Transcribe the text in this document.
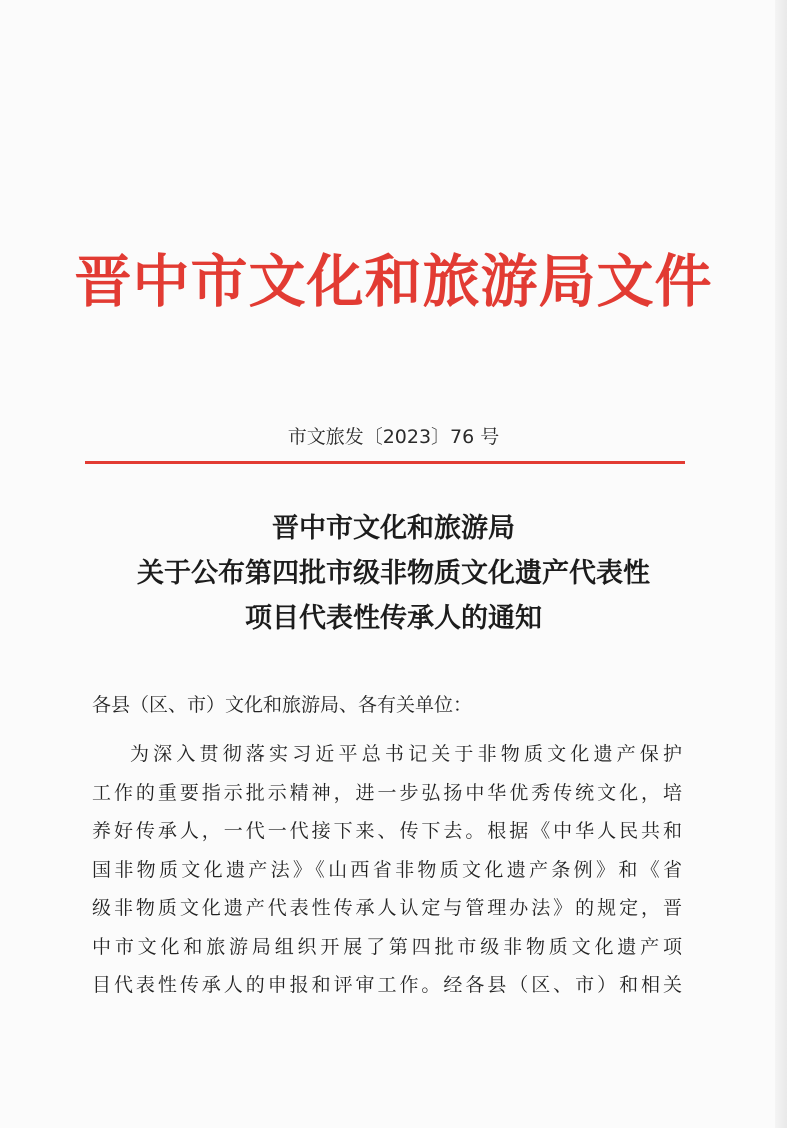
晋中市文化和旅游局文件
市文旅发〔2023〕76 号
晋中市文化和旅游局
关于公布第四批市级非物质文化遗产代表性
项目代表性传承人的通知
各县（区、市）文化和旅游局、各有关单位：
为深入贯彻落实习近平总书记关于非物质文化遗产保护
工作的重要指示批示精神，进一步弘扬中华优秀传统文化，培
养好传承人，一代一代接下来、传下去。根据《中华人民共和
国非物质文化遗产法》《山西省非物质文化遗产条例》和《省
级非物质文化遗产代表性传承人认定与管理办法》的规定，晋
中市文化和旅游局组织开展了第四批市级非物质文化遗产项
目代表性传承人的申报和评审工作。经各县（区、市）和相关
